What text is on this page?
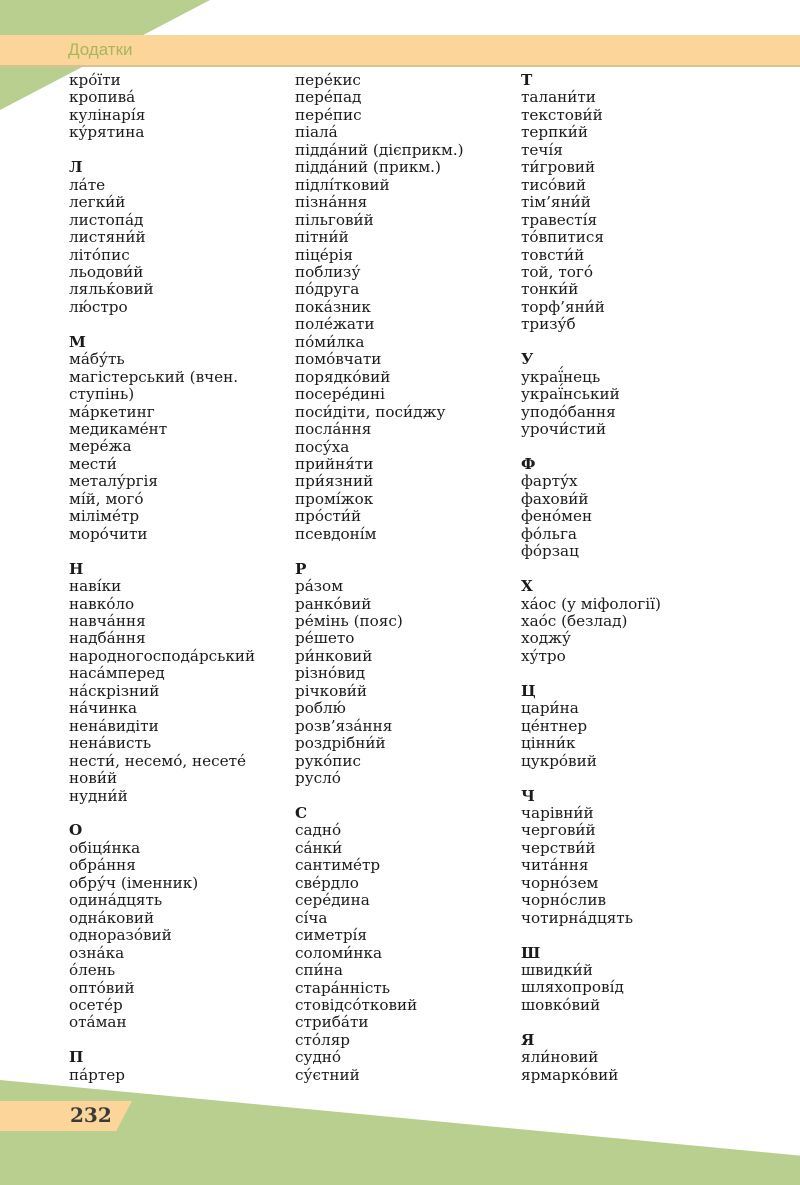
Додатки
кро́їти
кропива́
кулінарі́я
ку́рятина
Л
ла́те
легки́й
листопа́д
листяни́й
літо́пис
льодови́й
ляльќовий
лю́стро
М
ма́бу́ть
магістерський (вчен.
ступінь)
ма́ркетинг
медикаме́нт
мере́жа
мести́
металу́ргія
мі́й, могó
мілімéтр
моро́чити
Н
наві́ки
навко́ло
навча́ння
надба́ння
народногоспода́рський
наса́мперед
на́скрізний
на́чинка
нена́видіти
нена́висть
нести́, несемо́, несете́
нови́й
нудни́й
О
обіця́нка
обра́ння
обру́ч (іменник)
одина́дцять
одна́ковий
одноразо́вий
озна́ка
о́лень
опто́вий
осете́р
ота́ман
П
па́ртер
пере́кис
пере́пад
пере́пис
піала́
підда́ний (дієприкм.)
підда́ний (прикм.)
підлі́тковий
пізна́ння
пільгови́й
пітни́й
піце́рія
поблизу́
по́друга
пока́зник
поле́жати
по́ми́лка
помо́вчати
порядко́вий
посере́дині
поси́діти, поси́джу
посла́ння
посу́ха
прийня́ти
при́язний
промі́жок
про́сти́й
псевдоні́м
Р
ра́зом
ранко́вий
ре́мінь (пояс)
ре́шето
ри́нковий
різно́вид
річкови́й
роблю́
розв’яза́ння
роздрібни́й
руко́пис
русло́
С
садно́
са́нки́
сантиме́тр
све́рдло
сере́дина
сі́ча
симетрі́я
соломи́нка
спи́на
стара́нність
стовідсо́тковий
стриба́ти
сто́ляр
судно́
су́єтний
Т
талани́ти
текстови́й
терпки́й
течі́я
ти́гровий
тисо́вий
тім’яни́й
травесті́я
то́впитися
товсти́й
той, того́
тонки́й
торф’яни́й
тризу́б
У
украї́нець
украї́нський
уподо́бання
урочи́стий
Ф
фарту́х
фахови́й
фено́мен
фо́льга
фо́рзац
Х
ха́ос (у міфології)
хао́с (безлад)
ходжу́
ху́тро
Ц
цари́на
це́нтнер
цінни́к
цукро́вий
Ч
чарівни́й
чергови́й
черстви́й
чита́ння
чорно́зем
чорно́слив
чотирна́дцять
Ш
швидки́й
шляхопрові́д
шовко́вий
Я
яли́новий
ярмарко́вий
232
